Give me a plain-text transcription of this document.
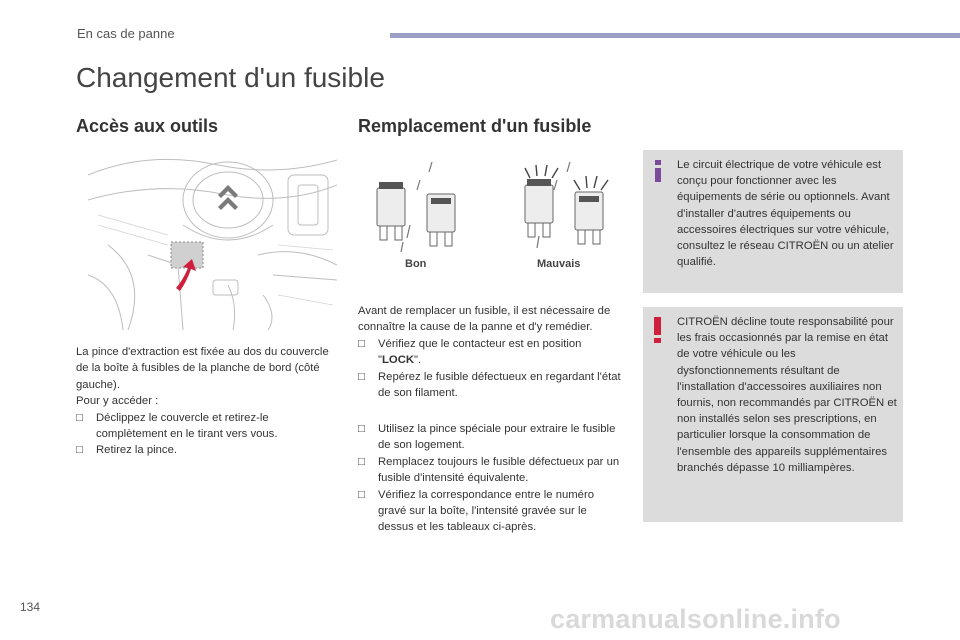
En cas de panne
Changement d'un fusible
Accès aux outils	Remplacement d'un fusible

La pince d'extraction est fixée au dos du couvercle de la boîte à fusibles de la planche de bord (côté gauche).

Pour y accéder :

□ Déclippez le couvercle et retirez-le complètement en le tirant vers vous.

□ Retirez la pince.

Bon	Mauvais

Avant de remplacer un fusible, il est nécessaire de connaître la cause de la panne et d'y remédier.

□ Vérifiez que le contacteur est en position "LOCK".

□ Repérez le fusible défectueux en regardant l'état de son filament.

□ Utilisez la pince spéciale pour extraire le fusible de son logement.

□ Remplacez toujours le fusible défectueux par un fusible d'intensité équivalente.

□ Vérifiez la correspondance entre le numéro gravé sur la boîte, l'intensité gravée sur le dessus et les tableaux ci-après.

Le circuit électrique de votre véhicule est conçu pour fonctionner avec les équipements de série ou optionnels. Avant d'installer d'autres équipements ou accessoires électriques sur votre véhicule, consultez le réseau CITROËN ou un atelier qualifié.
CITROËN décline toute responsabilité pour les frais occasionnés par la remise en état de votre véhicule ou les dysfonctionnements résultant de l'installation d'accessoires auxiliaires non fournis, non recommandés par CITROËN et non installés selon ses prescriptions, en particulier lorsque la consommation de l'ensemble des appareils supplémentaires branchés dépasse 10 milliampères.
134	carmanualsonline.info
